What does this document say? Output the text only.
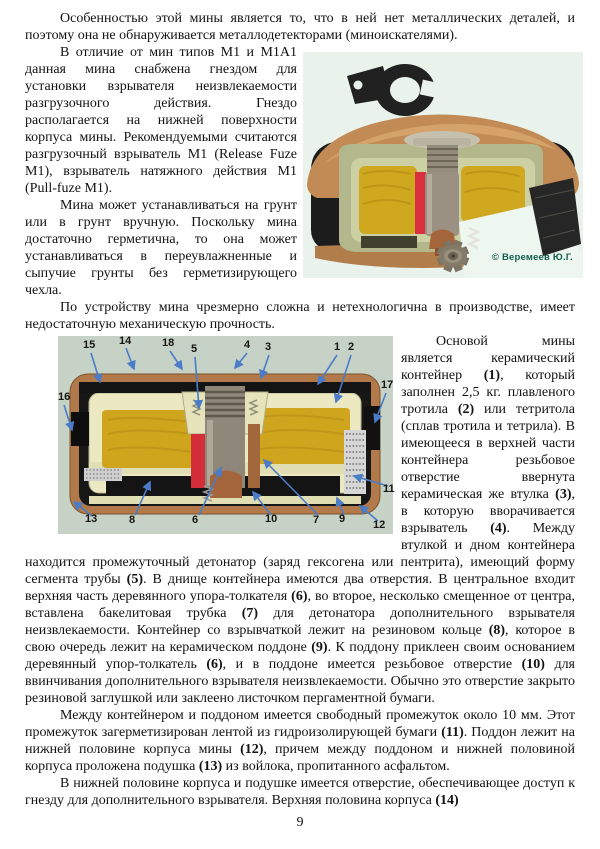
Особенностью этой мины является то, что в ней нет металлических деталей, и поэтому она не обнаруживается металлодетекторами (миноискателями).

© Веремеев Ю.Г.

В отличие от мин типов M1 и M1A1 данная мина снабжена гнездом для установки взрывателя неизвлекаемости разгрузочного действия. Гнездо располагается на нижней поверхности корпуса мины. Рекомендуемыми считаются разгрузочный взрыватель M1 (Release Fuze M1), взрыватель натяжного действия M1 (Pull-fuze M1).

Мина может устанавливаться на грунт или в грунт вручную. Поскольку мина достаточно герметична, то она может устанавливаться в переувлажненные и сыпучие грунты без герметизирующего чехла.

По устройству мина чрезмерно сложна и нетехнологична в производстве, имеет недостаточную механическую прочность.

15 14	18 5	4 3	1 2
17
16
13	8	6	10	7 9	12
11

Основой мины является керамический контейнер (1), который заполнен 2,5 кг. плавленого тротила (2) или тетритола (сплав тротила и тетрила). В имеющееся в верхней части контейнера резьбовое отверстие ввернута керамическая же втулка (3), в которую вворачивается взрыватель (4). Между втулкой и дном контейнера находится промежуточный детонатор (заряд гексогена или пентрита), имеющий форму сегмента трубы (5). В днище контейнера имеются два отверстия. В центральное входит верхняя часть деревянного упора-толкателя (6), во второе, несколько смещенное от центра, вставлена бакелитовая трубка (7) для детонатора дополнительного взрывателя неизвлекаемости. Контейнер со взрывчаткой лежит на резиновом кольце (8), которое в свою очередь лежит на керамическом поддоне (9). К поддону приклеен своим основанием деревянный упор-толкатель (6), и в поддоне имеется резьбовое отверстие (10) для ввинчивания дополнительного взрывателя неизвлекаемости. Обычно это отверстие закрыто резиновой заглушкой или заклеено листочком пергаментной бумаги.

Между контейнером и поддоном имеется свободный промежуток около 10 мм. Этот промежуток загерметизирован лентой из гидроизолирующей бумаги (11). Поддон лежит на нижней половине корпуса мины (12), причем между поддоном и нижней половиной корпуса проложена подушка (13) из войлока, пропитанного асфальтом.

В нижней половине корпуса и подушке имеется отверстие, обеспечивающее доступ к гнезду для дополнительного взрывателя. Верхняя половина корпуса (14)

9
